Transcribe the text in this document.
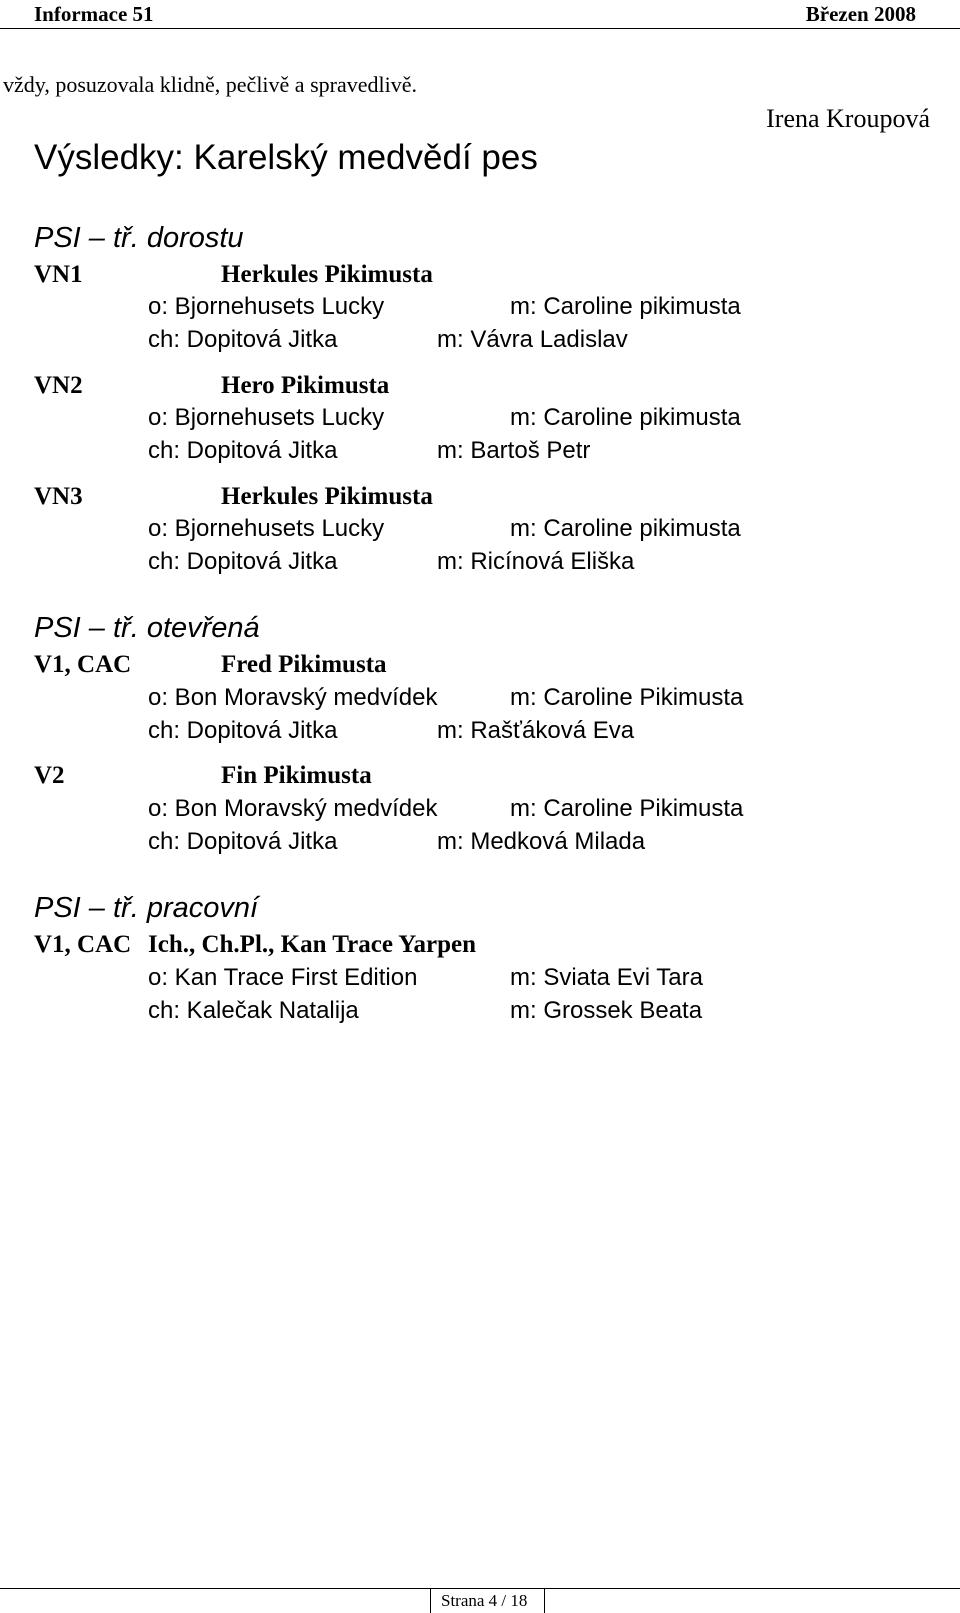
Informace 51	Březen 2008
vždy, posuzovala klidně, pečlivě a spravedlivě.
Irena Kroupová
Výsledky: Karelský medvědí pes
PSI – tř. dorostu
VN1	Herkules Pikimusta
o: Bjornehusets Lucky	m: Caroline pikimusta
ch: Dopitová Jitka	m: Vávra Ladislav
VN2	Hero Pikimusta
o: Bjornehusets Lucky	m: Caroline pikimusta
ch: Dopitová Jitka	m: Bartoš Petr
VN3	Herkules Pikimusta
o: Bjornehusets Lucky	m: Caroline pikimusta
ch: Dopitová Jitka	m: Ricínová Eliška
PSI – tř. otevřená
V1, CAC	Fred Pikimusta
o: Bon Moravský medvídek	m: Caroline Pikimusta
ch: Dopitová Jitka	m: Rašťáková Eva
V2	Fin Pikimusta
o: Bon Moravský medvídek	m: Caroline Pikimusta
ch: Dopitová Jitka	m: Medková Milada
PSI – tř. pracovní
V1, CAC Ich., Ch.Pl., Kan Trace Yarpen
o: Kan Trace First Edition	m: Sviata Evi Tara
ch: Kalečak Natalija	m: Grossek Beata
Strana 4 / 18
